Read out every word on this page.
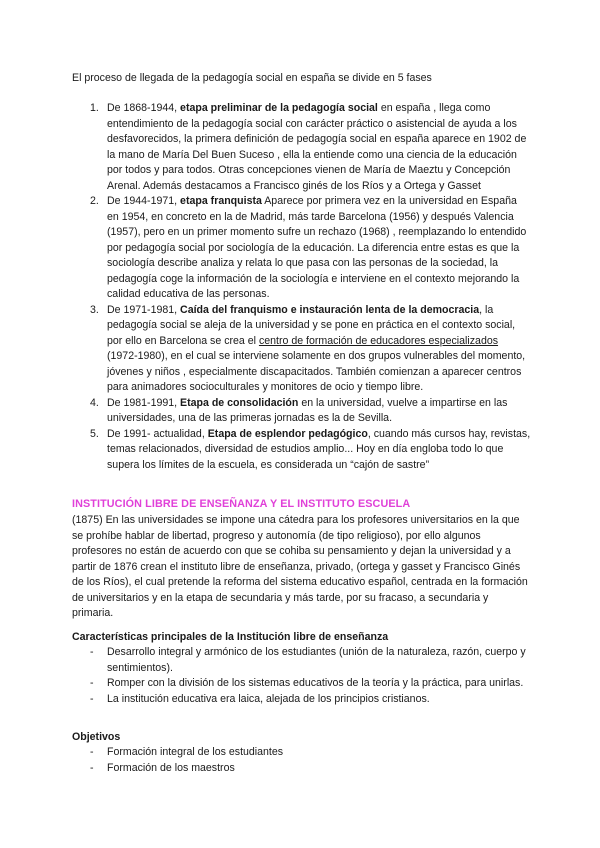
El proceso de llegada de la pedagogía social en españa se divide en 5 fases
1. De 1868-1944, etapa preliminar de la pedagogía social en españa , llega como entendimiento de la pedagogía social con carácter práctico o asistencial de ayuda a los desfavorecidos, la primera definición de pedagogía social en españa aparece en 1902 de la mano de María Del Buen Suceso , ella la entiende como una ciencia de la educación por todos y para todos. Otras concepciones vienen de María de Maeztu y Concepción Arenal. Además destacamos a Francisco ginés de los Ríos y a Ortega y Gasset
2. De 1944-1971, etapa franquista Aparece por primera vez en la universidad en España en 1954, en concreto en la de Madrid, más tarde Barcelona (1956) y después Valencia (1957), pero en un primer momento sufre un rechazo (1968) , reemplazando lo entendido por pedagogía social por sociología de la educación. La diferencia entre estas es que la sociología describe analiza y relata lo que pasa con las personas de la sociedad, la pedagogía coge la información de la sociología e interviene en el contexto mejorando la calidad educativa de las personas.
3. De 1971-1981, Caída del franquismo e instauración lenta de la democracia, la pedagogía social se aleja de la universidad y se pone en práctica en el contexto social, por ello en Barcelona se crea el centro de formación de educadores especializados (1972-1980), en el cual se interviene solamente en dos grupos vulnerables del momento, jóvenes y niños , especialmente discapacitados. También comienzan a aparecer centros para animadores socioculturales y monitores de ocio y tiempo libre.
4. De 1981-1991, Etapa de consolidación en la universidad, vuelve a impartirse en las universidades, una de las primeras jornadas es la de Sevilla.
5. De 1991- actualidad, Etapa de esplendor pedagógico, cuando más cursos hay, revistas, temas relacionados, diversidad de estudios amplio... Hoy en día engloba todo lo que supera los límites de la escuela, es considerada un “cajón de sastre”
INSTITUCIÓN LIBRE DE ENSEÑANZA Y EL INSTITUTO ESCUELA
(1875) En las universidades se impone una cátedra para los profesores universitarios en la que se prohíbe hablar de libertad, progreso y autonomía (de tipo religioso), por ello algunos profesores no están de acuerdo con que se cohiba su pensamiento y dejan la universidad y a partir de 1876 crean el instituto libre de enseñanza, privado, (ortega y gasset y Francisco Ginés de los Ríos), el cual pretende la reforma del sistema educativo español, centrada en la formación de universitarios y en la etapa de secundaria y más tarde, por su fracaso, a secundaria y primaria.
Características principales de la Institución libre de enseñanza
- Desarrollo integral y armónico de los estudiantes (unión de la naturaleza, razón, cuerpo y sentimientos).
- Romper con la división de los sistemas educativos de la teoría y la práctica, para unirlas.
- La institución educativa era laica, alejada de los principios cristianos.
Objetivos
- Formación integral de los estudiantes
- Formación de los maestros
